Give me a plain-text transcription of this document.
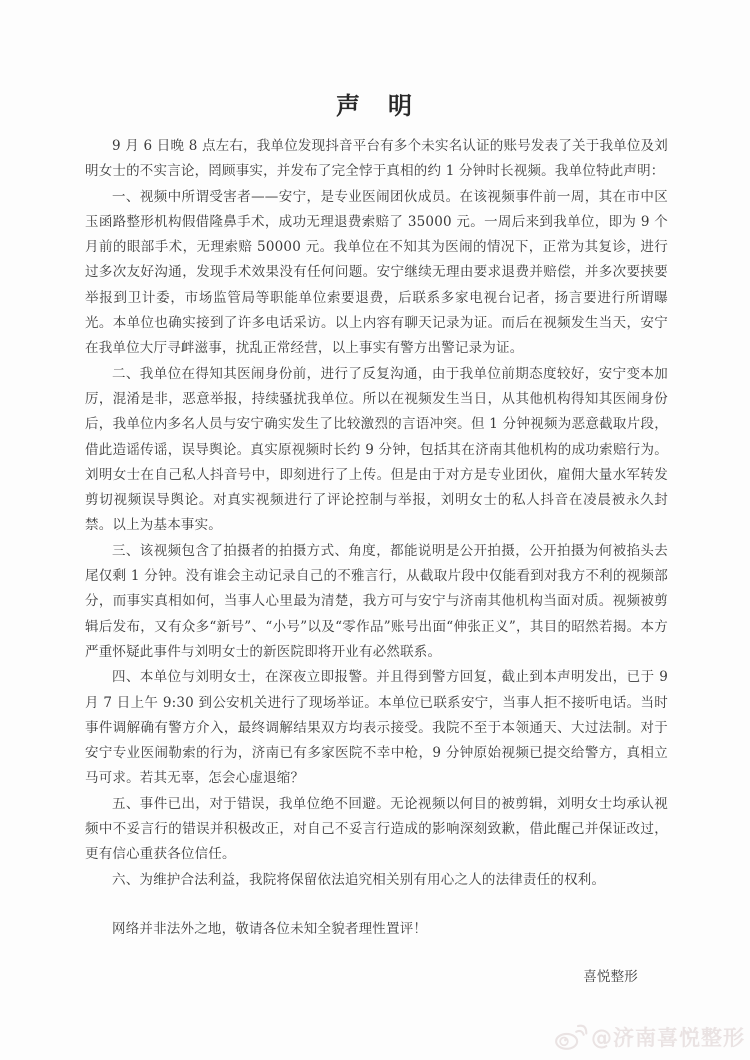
声　明

9 月 6 日晚 8 点左右，我单位发现抖音平台有多个未实名认证的账号发表了关于我单位及刘明女士的不实言论，罔顾事实，并发布了完全悖于真相的约 1 分钟时长视频。我单位特此声明：

一、视频中所谓受害者——安宁，是专业医闹团伙成员。在该视频事件前一周，其在市中区玉函路整形机构假借隆鼻手术，成功无理退费索赔了 35000 元。一周后来到我单位，即为 9 个月前的眼部手术，无理索赔 50000 元。我单位在不知其为医闹的情况下，正常为其复诊，进行过多次友好沟通，发现手术效果没有任何问题。安宁继续无理由要求退费并赔偿，并多次要挟要举报到卫计委，市场监管局等职能单位索要退费，后联系多家电视台记者，扬言要进行所谓曝光。本单位也确实接到了许多电话采访。以上内容有聊天记录为证。而后在视频发生当天，安宁在我单位大厅寻衅滋事，扰乱正常经营，以上事实有警方出警记录为证。

二、我单位在得知其医闹身份前，进行了反复沟通，由于我单位前期态度较好，安宁变本加厉，混淆是非，恶意举报，持续骚扰我单位。所以在视频发生当日，从其他机构得知其医闹身份后，我单位内多名人员与安宁确实发生了比较激烈的言语冲突。但 1 分钟视频为恶意截取片段，借此造谣传谣，误导舆论。真实原视频时长约 9 分钟，包括其在济南其他机构的成功索赔行为。刘明女士在自己私人抖音号中，即刻进行了上传。但是由于对方是专业团伙，雇佣大量水军转发剪切视频误导舆论。对真实视频进行了评论控制与举报，刘明女士的私人抖音在凌晨被永久封禁。以上为基本事实。

三、该视频包含了拍摄者的拍摄方式、角度，都能说明是公开拍摄，公开拍摄为何被掐头去尾仅剩 1 分钟。没有谁会主动记录自己的不雅言行，从截取片段中仅能看到对我方不利的视频部分，而事实真相如何，当事人心里最为清楚，我方可与安宁与济南其他机构当面对质。视频被剪辑后发布，又有众多“新号”、“小号”以及“零作品”账号出面“伸张正义”，其目的昭然若揭。本方严重怀疑此事件与刘明女士的新医院即将开业有必然联系。

四、本单位与刘明女士，在深夜立即报警。并且得到警方回复，截止到本声明发出，已于 9 月 7 日上午 9:30 到公安机关进行了现场举证。本单位已联系安宁，当事人拒不接听电话。当时事件调解确有警方介入，最终调解结果双方均表示接受。我院不至于本领通天、大过法制。对于安宁专业医闹勒索的行为，济南已有多家医院不幸中枪，9 分钟原始视频已提交给警方，真相立马可求。若其无辜，怎会心虚退缩？

五、事件已出，对于错误，我单位绝不回避。无论视频以何目的被剪辑，刘明女士均承认视频中不妥言行的错误并积极改正，对自己不妥言行造成的影响深刻致歉，借此醒己并保证改过，更有信心重获各位信任。

六、为维护合法利益，我院将保留依法追究相关别有用心之人的法律责任的权利。

网络并非法外之地，敬请各位未知全貌者理性置评！

喜悦整形

@济南喜悦整形
